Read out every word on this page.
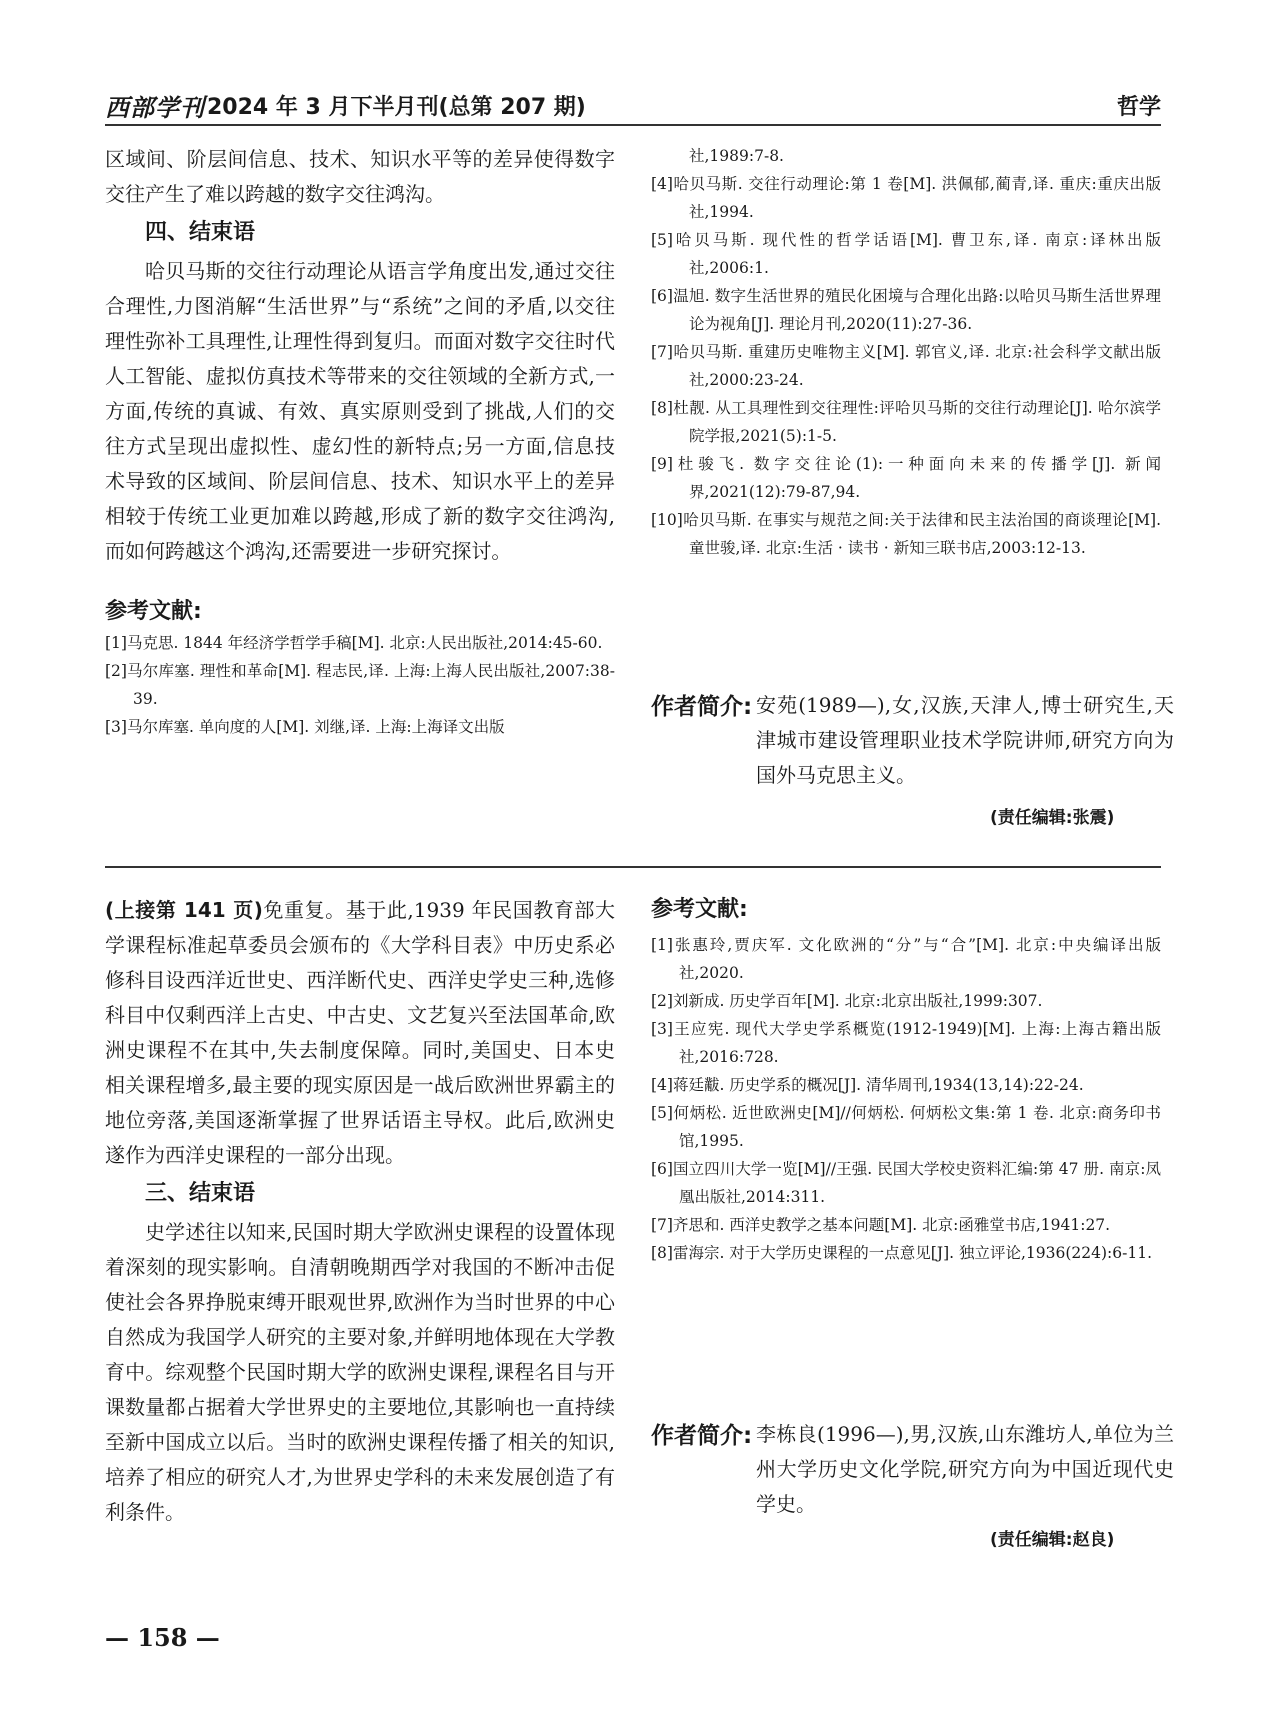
西部学刊 2024 年 3 月下半月刊(总第 207 期)	哲学

区域间、阶层间信息、技术、知识水平等的差异使得数字交往产生了难以跨越的数字交往鸿沟。

四、结束语

哈贝马斯的交往行动理论从语言学角度出发,通过交往合理性,力图消解“生活世界”与“系统”之间的矛盾,以交往理性弥补工具理性,让理性得到复归。而面对数字交往时代人工智能、虚拟仿真技术等带来的交往领域的全新方式,一方面,传统的真诚、有效、真实原则受到了挑战,人们的交往方式呈现出虚拟性、虚幻性的新特点;另一方面,信息技术导致的区域间、阶层间信息、技术、知识水平上的差异相较于传统工业更加难以跨越,形成了新的数字交往鸿沟,而如何跨越这个鸿沟,还需要进一步研究探讨。

参考文献:
[1]马克思. 1844 年经济学哲学手稿[M]. 北京:人民出版社,2014:45-60.
[2]马尔库塞. 理性和革命[M]. 程志民,译. 上海:上海人民出版社,2007:38-39.
[3]马尔库塞. 单向度的人[M]. 刘继,译. 上海:上海译文出版
社,1989:7-8.
[4]哈贝马斯. 交往行动理论:第 1 卷[M]. 洪佩郁,蔺青,译. 重庆:重庆出版社,1994.
[5]哈贝马斯. 现代性的哲学话语[M]. 曹卫东,译. 南京:译林出版社,2006:1.
[6]温旭. 数字生活世界的殖民化困境与合理化出路:以哈贝马斯生活世界理论为视角[J]. 理论月刊,2020(11):27-36.
[7]哈贝马斯. 重建历史唯物主义[M]. 郭官义,译. 北京:社会科学文献出版社,2000:23-24.
[8]杜靓. 从工具理性到交往理性:评哈贝马斯的交往行动理论[J]. 哈尔滨学院学报,2021(5):1-5.
[9]杜骏飞. 数字交往论(1):一种面向未来的传播学[J]. 新闻界,2021(12):79-87,94.
[10]哈贝马斯. 在事实与规范之间:关于法律和民主法治国的商谈理论[M]. 童世骏,译. 北京:生活 · 读书 · 新知三联书店,2003:12-13.
作者简介: 安苑(1989—),女,汉族,天津人,博士研究生,天津城市建设管理职业技术学院讲师,研究方向为国外马克思主义。

(责任编辑:张震)

(上接第 141 页)免重复。基于此,1939 年民国教育部大学课程标准起草委员会颁布的《大学科目表》中历史系必修科目设西洋近世史、西洋断代史、西洋史学史三种,选修科目中仅剩西洋上古史、中古史、文艺复兴至法国革命,欧洲史课程不在其中,失去制度保障。同时,美国史、日本史相关课程增多,最主要的现实原因是一战后欧洲世界霸主的地位旁落,美国逐渐掌握了世界话语主导权。此后,欧洲史遂作为西洋史课程的一部分出现。

三、结束语

史学述往以知来,民国时期大学欧洲史课程的设置体现着深刻的现实影响。自清朝晚期西学对我国的不断冲击促使社会各界挣脱束缚开眼观世界,欧洲作为当时世界的中心自然成为我国学人研究的主要对象,并鲜明地体现在大学教育中。综观整个民国时期大学的欧洲史课程,课程名目与开课数量都占据着大学世界史的主要地位,其影响也一直持续至新中国成立以后。当时的欧洲史课程传播了相关的知识,培养了相应的研究人才,为世界史学科的未来发展创造了有利条件。

参考文献:
[1]张惠玲,贾庆军. 文化欧洲的“分”与“合”[M]. 北京:中央编译出版社,2020.
[2]刘新成. 历史学百年[M]. 北京:北京出版社,1999:307.
[3]王应宪. 现代大学史学系概览(1912-1949)[M]. 上海:上海古籍出版社,2016:728.
[4]蒋廷黻. 历史学系的概况[J]. 清华周刊,1934(13,14):22-24.
[5]何炳松. 近世欧洲史[M]//何炳松. 何炳松文集:第 1 卷. 北京:商务印书馆,1995.
[6]国立四川大学一览[M]//王强. 民国大学校史资料汇编:第 47 册. 南京:凤凰出版社,2014:311.
[7]齐思和. 西洋史教学之基本问题[M]. 北京:函雅堂书店,1941:27.
[8]雷海宗. 对于大学历史课程的一点意见[J]. 独立评论,1936(224):6-11.
作者简介: 李栋良(1996—),男,汉族,山东潍坊人,单位为兰州大学历史文化学院,研究方向为中国近现代史学史。

(责任编辑:赵良)
— 158 —
